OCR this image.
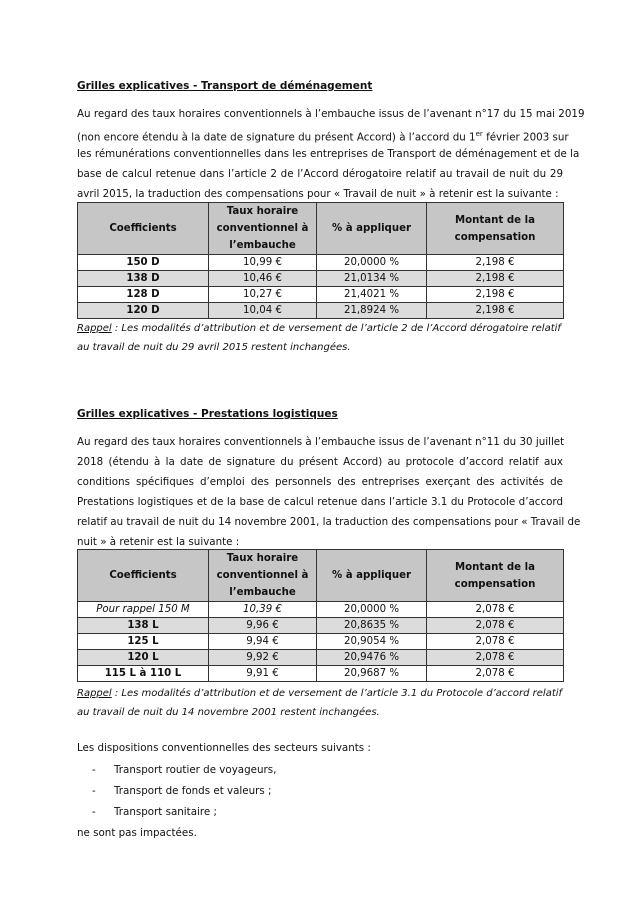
Grilles explicatives - Transport de déménagement
Au regard des taux horaires conventionnels à l’embauche issus de l’avenant n°17 du 15 mai 2019
(non encore étendu à la date de signature du présent Accord) à l’accord du 1er février 2003 sur
les rémunérations conventionnelles dans les entreprises de Transport de déménagement et de la
base de calcul retenue dans l’article 2 de l’Accord dérogatoire relatif au travail de nuit du 29
avril 2015, la traduction des compensations pour « Travail de nuit » à retenir est la suivante :
Coefficients	Taux horaire conventionnel à l’embauche	% à appliquer	Montant de la compensation
150 D	10,99 €	20,0000 %	2,198 €
138 D	10,46 €	21,0134 %	2,198 €
128 D	10,27 €	21,4021 %	2,198 €
120 D	10,04 €	21,8924 %	2,198 €
Rappel : Les modalités d’attribution et de versement de l’article 2 de l’Accord dérogatoire relatif
au travail de nuit du 29 avril 2015 restent inchangées.
Grilles explicatives - Prestations logistiques
Au regard des taux horaires conventionnels à l’embauche issus de l’avenant n°11 du 30 juillet
2018 (étendu à la date de signature du présent Accord) au protocole d’accord relatif aux
conditions spécifiques d’emploi des personnels des entreprises exerçant des activités de
Prestations logistiques et de la base de calcul retenue dans l’article 3.1 du Protocole d’accord
relatif au travail de nuit du 14 novembre 2001, la traduction des compensations pour « Travail de
nuit » à retenir est la suivante :
Coefficients	Taux horaire conventionnel à l’embauche	% à appliquer	Montant de la compensation
Pour rappel 150 M	10,39 €	20,0000 %	2,078 €
138 L	9,96 €	20,8635 %	2,078 €
125 L	9,94 €	20,9054 %	2,078 €
120 L	9,92 €	20,9476 %	2,078 €
115 L à 110 L	9,91 €	20,9687 %	2,078 €
Rappel : Les modalités d’attribution et de versement de l’article 3.1 du Protocole d’accord relatif
au travail de nuit du 14 novembre 2001 restent inchangées.
Les dispositions conventionnelles des secteurs suivants :
- Transport routier de voyageurs,
- Transport de fonds et valeurs ;
- Transport sanitaire ;
ne sont pas impactées.
